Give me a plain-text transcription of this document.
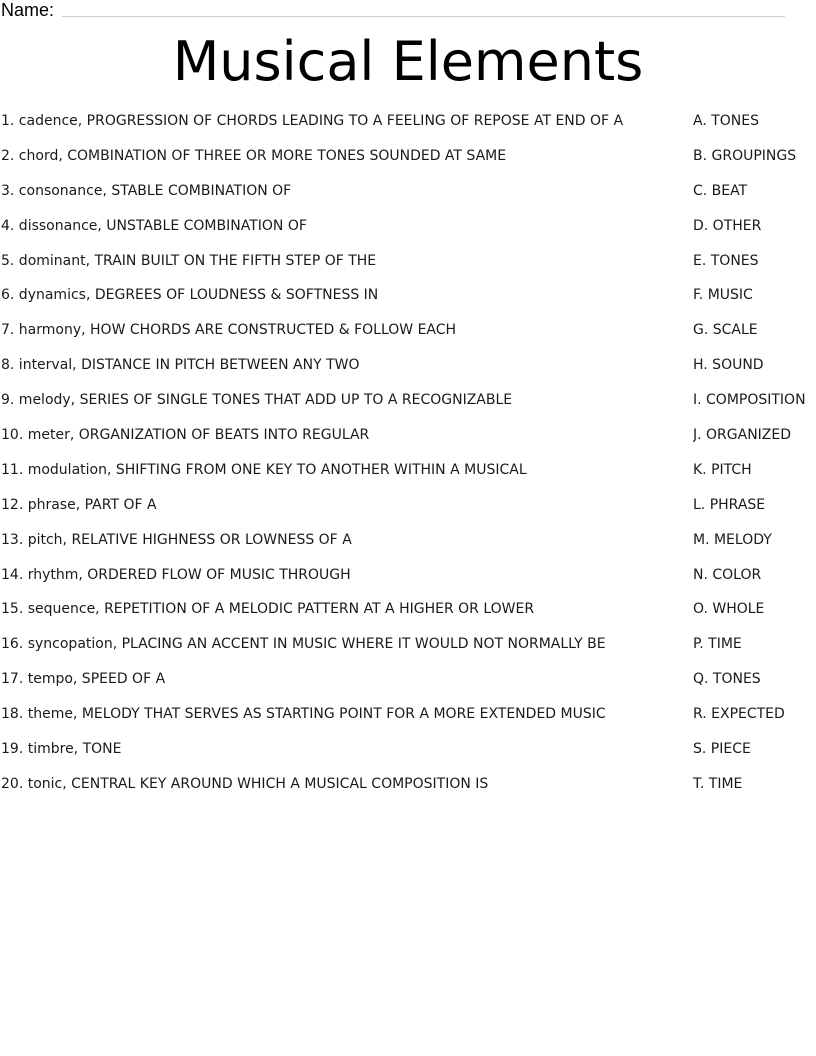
Name:
Musical Elements
1. cadence, PROGRESSION OF CHORDS LEADING TO A FEELING OF REPOSE AT END OF A	A. TONES
2. chord, COMBINATION OF THREE OR MORE TONES SOUNDED AT SAME	B. GROUPINGS
3. consonance, STABLE COMBINATION OF	C. BEAT
4. dissonance, UNSTABLE COMBINATION OF	D. OTHER
5. dominant, TRAIN BUILT ON THE FIFTH STEP OF THE	E. TONES
6. dynamics, DEGREES OF LOUDNESS & SOFTNESS IN	F. MUSIC
7. harmony, HOW CHORDS ARE CONSTRUCTED & FOLLOW EACH	G. SCALE
8. interval, DISTANCE IN PITCH BETWEEN ANY TWO	H. SOUND
9. melody, SERIES OF SINGLE TONES THAT ADD UP TO A RECOGNIZABLE	I. COMPOSITION
10. meter, ORGANIZATION OF BEATS INTO REGULAR	J. ORGANIZED
11. modulation, SHIFTING FROM ONE KEY TO ANOTHER WITHIN A MUSICAL	K. PITCH
12. phrase, PART OF A	L. PHRASE
13. pitch, RELATIVE HIGHNESS OR LOWNESS OF A	M. MELODY
14. rhythm, ORDERED FLOW OF MUSIC THROUGH	N. COLOR
15. sequence, REPETITION OF A MELODIC PATTERN AT A HIGHER OR LOWER	O. WHOLE
16. syncopation, PLACING AN ACCENT IN MUSIC WHERE IT WOULD NOT NORMALLY BE	P. TIME
17. tempo, SPEED OF A	Q. TONES
18. theme, MELODY THAT SERVES AS STARTING POINT FOR A MORE EXTENDED MUSIC	R. EXPECTED
19. timbre, TONE	S. PIECE
20. tonic, CENTRAL KEY AROUND WHICH A MUSICAL COMPOSITION IS	T. TIME
